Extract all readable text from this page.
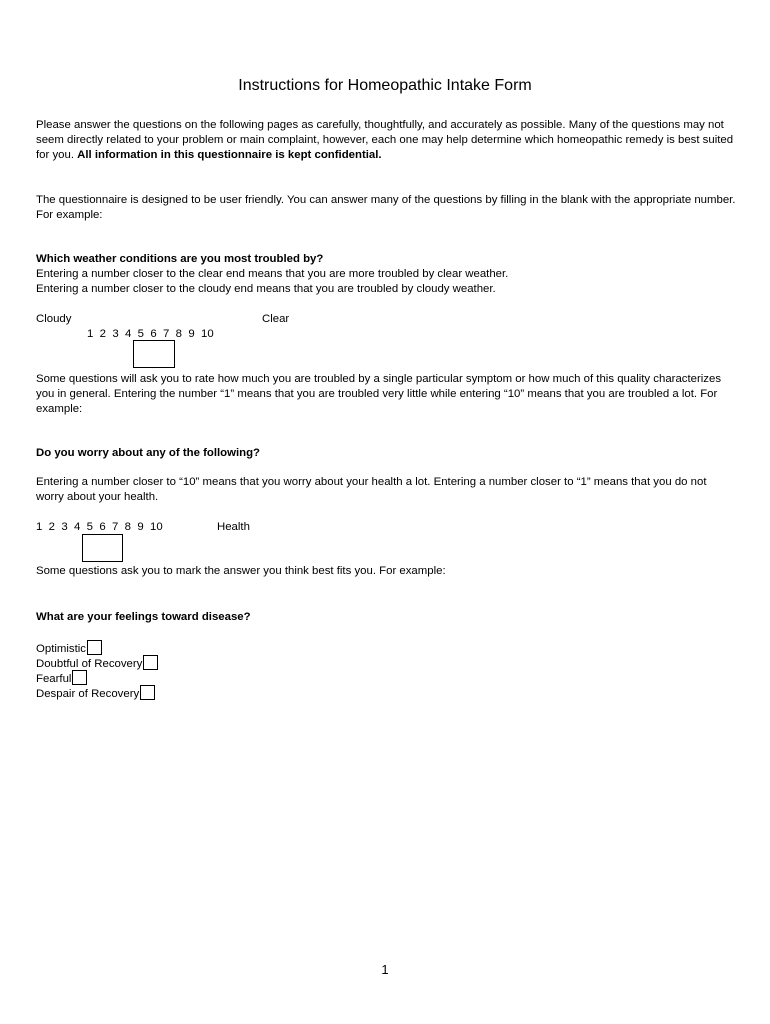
Instructions for Homeopathic Intake Form
Please answer the questions on the following pages as carefully, thoughtfully, and accurately as possible. Many of the questions may not seem directly related to your problem or main complaint, however, each one may help determine which homeopathic remedy is best suited for you. All information in this questionnaire is kept confidential.
The questionnaire is designed to be user friendly. You can answer many of the questions by filling in the blank with the appropriate number. For example:
Which weather conditions are you most troubled by?
Entering a number closer to the clear end means that you are more troubled by clear weather.
Entering a number closer to the cloudy end means that you are troubled by cloudy weather.
Cloudy	Clear
1  2  3  4  5  6  7  8  9  10
Some questions will ask you to rate how much you are troubled by a single particular symptom or how much of this quality characterizes you in general. Entering the number “1” means that you are troubled very little while entering “10” means that you are troubled a lot. For example:
Do you worry about any of the following?
Entering a number closer to “10” means that you worry about your health a lot. Entering a number closer to “1” means that you do not worry about your health.
1  2  3  4  5  6  7  8  9  10	Health
Some questions ask you to mark the answer you think best fits you. For example:
What are your feelings toward disease?
Optimistic
Doubtful of Recovery
Fearful
Despair of Recovery
1
